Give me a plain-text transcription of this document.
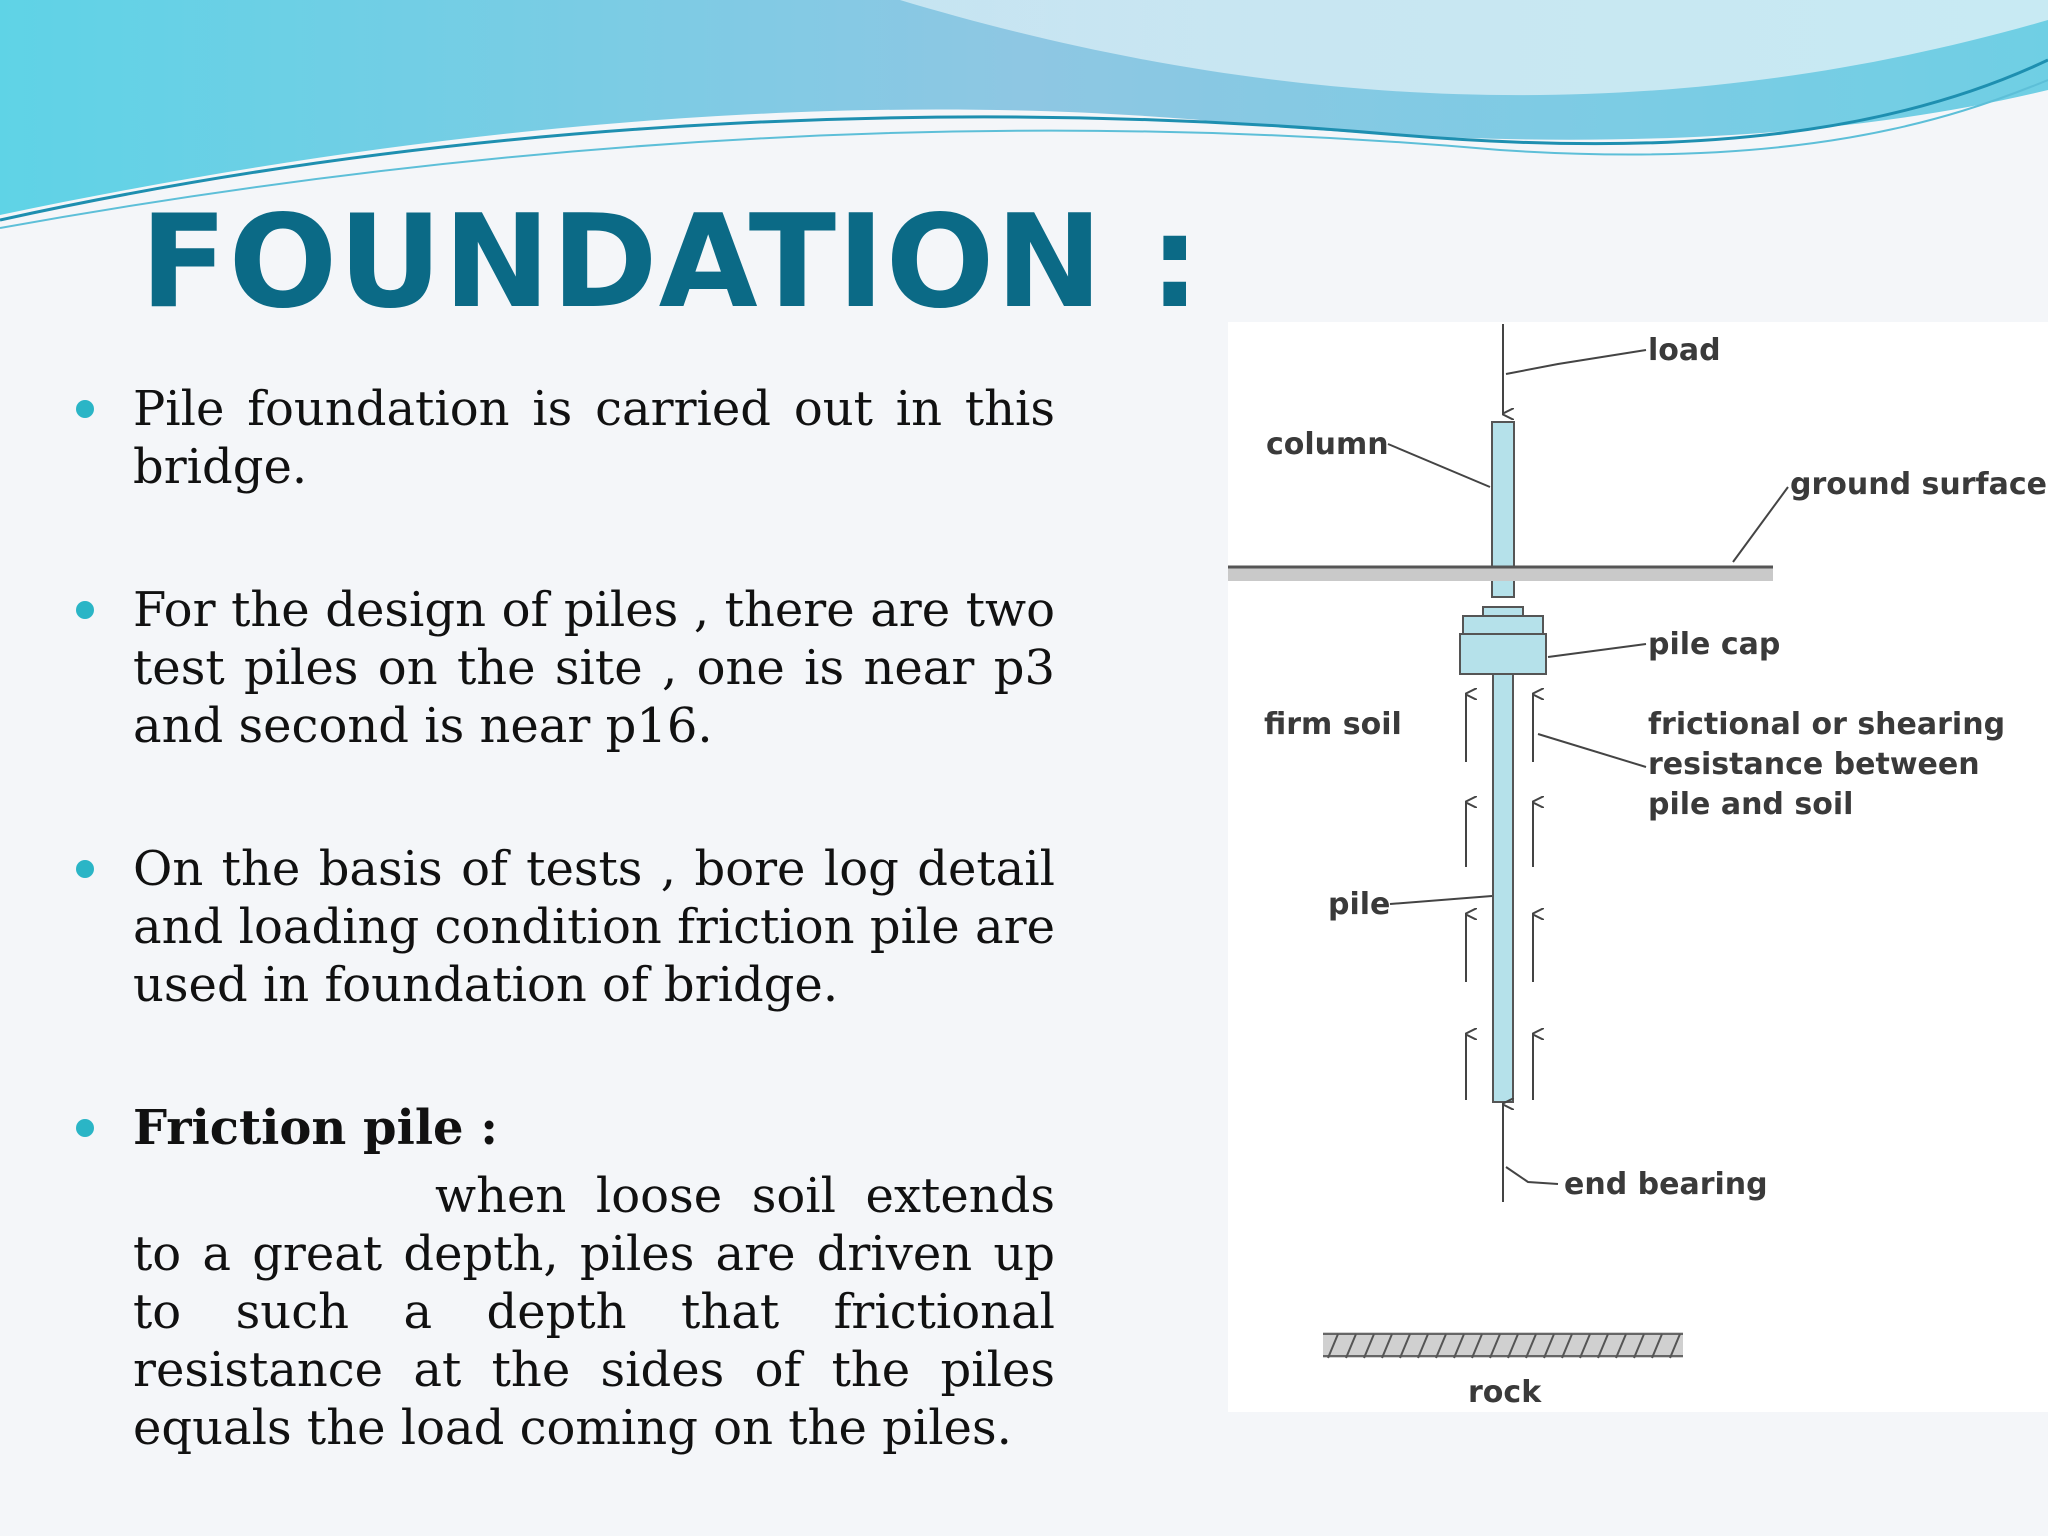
FOUNDATION :

Pile foundation is carried out in this bridge.

For the design of piles , there are two test piles on the site , one is near p3 and second is near p16.

On the basis of tests , bore log detail and loading condition friction pile are used in foundation of bridge.

Friction pile :

when loose soil extends to a great depth, piles are driven up to such a depth that frictional resistance at the sides of the piles equals the load coming on the piles.

load
column
ground surface
pile cap
firm soil	frictional or shearing
resistance between
pile and soil
pile
end bearing
rock
